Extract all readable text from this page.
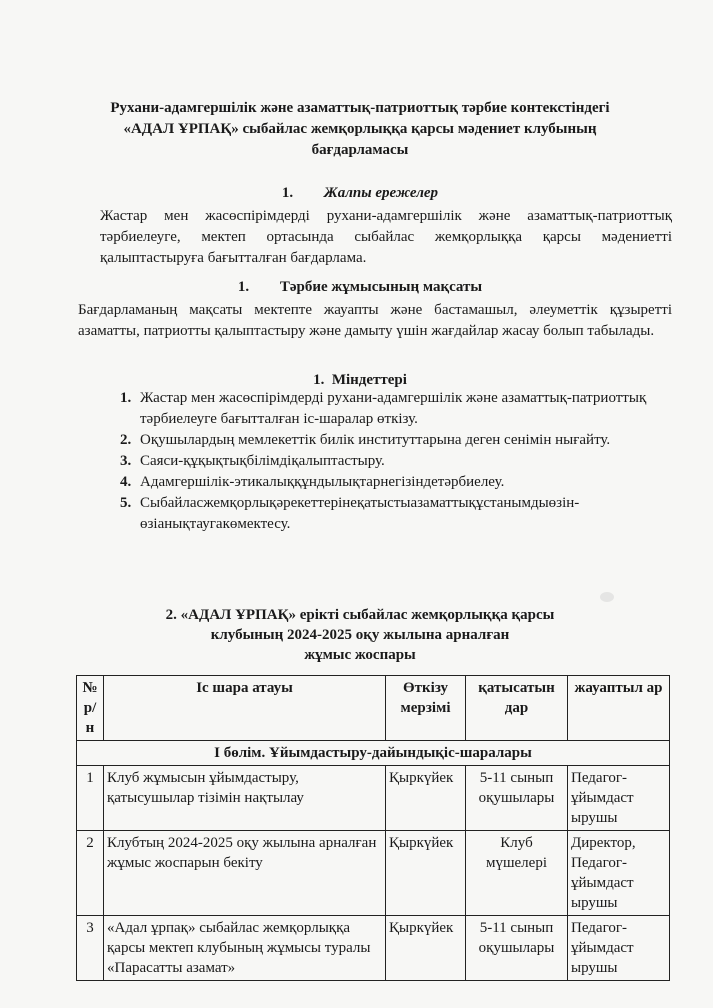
Рухани-адамгершілік және азаматтық-патриоттық тәрбие контекстіндегі
«АДАЛ ҰРПАҚ» сыбайлас жемқорлыққа қарсы мәдениет клубының
бағдарламасы
1. Жалпы ережелер
Жастар мен жасөспірімдерді рухани-адамгершілік және азаматтық-патриоттық тәрбиелеуге, мектеп ортасында сыбайлас жемқорлыққа қарсы мәдениетті қалыптастыруға бағытталған бағдарлама.
1. Тәрбие жұмысының мақсаты
Бағдарламаның мақсаты мектепте жауапты және бастамашыл, әлеуметтік құзыретті азаматты, патриотты қалыптастыру және дамыту үшін жағдайлар жасау болып табылады.
1. Міндеттері
1. Жастар мен жасөспірімдерді рухани-адамгершілік және азаматтық-патриоттық тәрбиелеуге бағытталған іс-шаралар өткізу.
2. Оқушылардың мемлекеттік билік институттарына деген сенімін нығайту.
3. Саяси-құқықтықбілімдіқалыптастыру.
4. Адамгершілік-этикалыққұндылықтарнегізіндетәрбиелеу.
5. Сыбайласжемқорлықәрекеттерінеқатыстыазаматтықұстанымдыөзін-өзіанықтаугакөмектесу.
2. «АДАЛ ҰРПАҚ» ерікті сыбайлас жемқорлыққа қарсы
клубының 2024-2025 оқу жылына арналған
жұмыс жоспары
№ р/н	Іс шара атауы	Өткізу мерзімі	қатысатын дар	жауаптыл ар
І бөлім. Ұйымдастыру-дайындықіс-шаралары				
1	Клуб жұмысын ұйымдастыру, қатысушылар тізімін нақтылау	Қыркүйек	5-11 сынып оқушылары	Педагог-ұйымдаст ырушы
2	Клубтың 2024-2025 оқу жылына арналған жұмыс жоспарын бекіту	Қыркүйек	Клуб мүшелері	Директор, Педагог-ұйымдаст ырушы
3	«Адал ұрпақ» сыбайлас жемқорлыққа қарсы мектеп клубының жұмысы туралы «Парасатты азамат»	Қыркүйек	5-11 сынып оқушылары	Педагог-ұйымдаст ырушы
